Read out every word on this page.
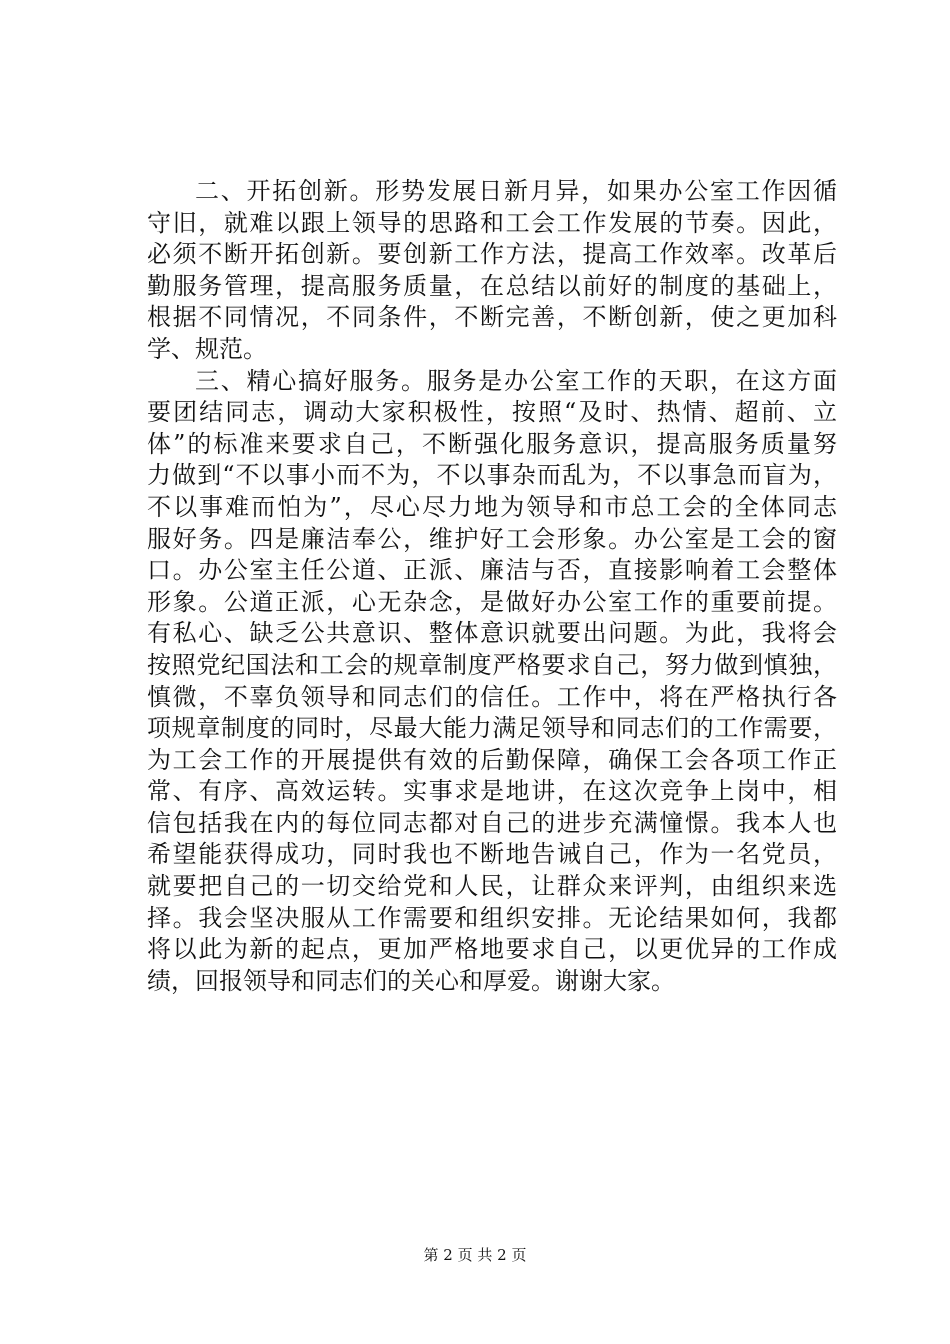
二、开拓创新。形势发展日新月异，如果办公室工作因循
守旧，就难以跟上领导的思路和工会工作发展的节奏。因此，
必须不断开拓创新。要创新工作方法，提高工作效率。改革后
勤服务管理，提高服务质量，在总结以前好的制度的基础上，
根据不同情况，不同条件，不断完善，不断创新，使之更加科
学、规范。
三、精心搞好服务。服务是办公室工作的天职，在这方面
要团结同志，调动大家积极性，按照“及时、热情、超前、立
体”的标准来要求自己，不断强化服务意识，提高服务质量努
力做到“不以事小而不为，不以事杂而乱为，不以事急而盲为，
不以事难而怕为”，尽心尽力地为领导和市总工会的全体同志
服好务。四是廉洁奉公，维护好工会形象。办公室是工会的窗
口。办公室主任公道、正派、廉洁与否，直接影响着工会整体
形象。公道正派，心无杂念，是做好办公室工作的重要前提。
有私心、缺乏公共意识、整体意识就要出问题。为此，我将会
按照党纪国法和工会的规章制度严格要求自己，努力做到慎独，
慎微，不辜负领导和同志们的信任。工作中，将在严格执行各
项规章制度的同时，尽最大能力满足领导和同志们的工作需要，
为工会工作的开展提供有效的后勤保障，确保工会各项工作正
常、有序、高效运转。实事求是地讲，在这次竞争上岗中，相
信包括我在内的每位同志都对自己的进步充满憧憬。我本人也
希望能获得成功，同时我也不断地告诫自己，作为一名党员，
就要把自己的一切交给党和人民，让群众来评判，由组织来选
择。我会坚决服从工作需要和组织安排。无论结果如何，我都
将以此为新的起点，更加严格地要求自己，以更优异的工作成
绩，回报领导和同志们的关心和厚爱。谢谢大家。
第 2 页 共 2 页
